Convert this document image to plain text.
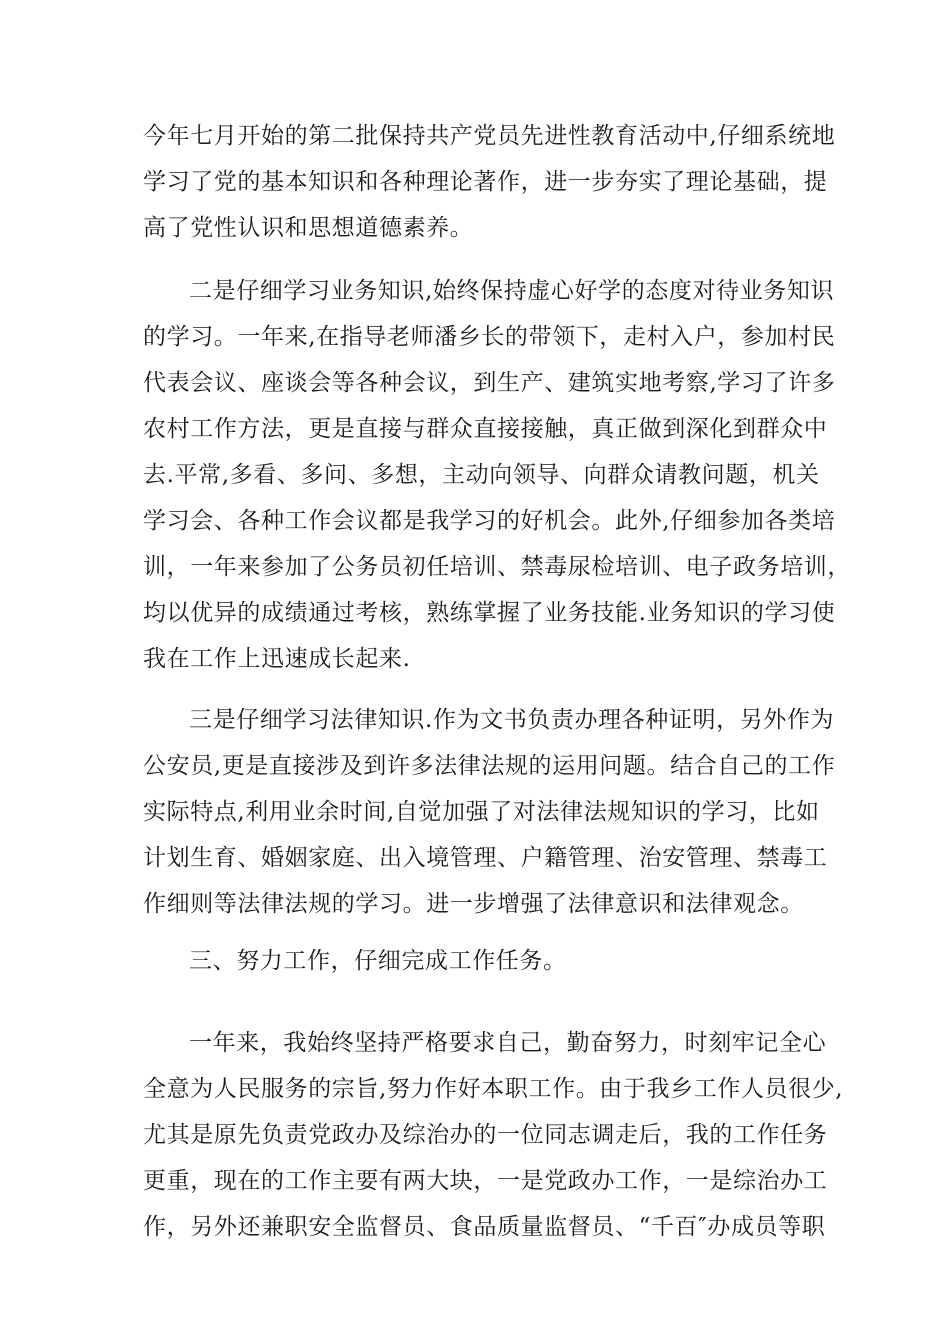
今年七月开始的第二批保持共产党员先进性教育活动中,仔细系统地
学习了党的基本知识和各种理论著作，进一步夯实了理论基础，提
高了党性认识和思想道德素养。
二是仔细学习业务知识,始终保持虚心好学的态度对待业务知识
的学习。一年来,在指导老师潘乡长的带领下，走村入户，参加村民
代表会议、座谈会等各种会议，到生产、建筑实地考察,学习了许多
农村工作方法，更是直接与群众直接接触，真正做到深化到群众中
去.平常,多看、多问、多想，主动向领导、向群众请教问题，机关
学习会、各种工作会议都是我学习的好机会。此外,仔细参加各类培
训，一年来参加了公务员初任培训、禁毒尿检培训、电子政务培训，
均以优异的成绩通过考核，熟练掌握了业务技能.业务知识的学习使
我在工作上迅速成长起来.
三是仔细学习法律知识.作为文书负责办理各种证明，另外作为
公安员,更是直接涉及到许多法律法规的运用问题。结合自己的工作
实际特点,利用业余时间,自觉加强了对法律法规知识的学习，比如
计划生育、婚姻家庭、出入境管理、户籍管理、治安管理、禁毒工
作细则等法律法规的学习。进一步增强了法律意识和法律观念。
三、努力工作，仔细完成工作任务。
一年来，我始终坚持严格要求自己，勤奋努力，时刻牢记全心
全意为人民服务的宗旨,努力作好本职工作。由于我乡工作人员很少,
尤其是原先负责党政办及综治办的一位同志调走后，我的工作任务
更重，现在的工作主要有两大块，一是党政办工作，一是综治办工
作，另外还兼职安全监督员、食品质量监督员、“千百″办成员等职
